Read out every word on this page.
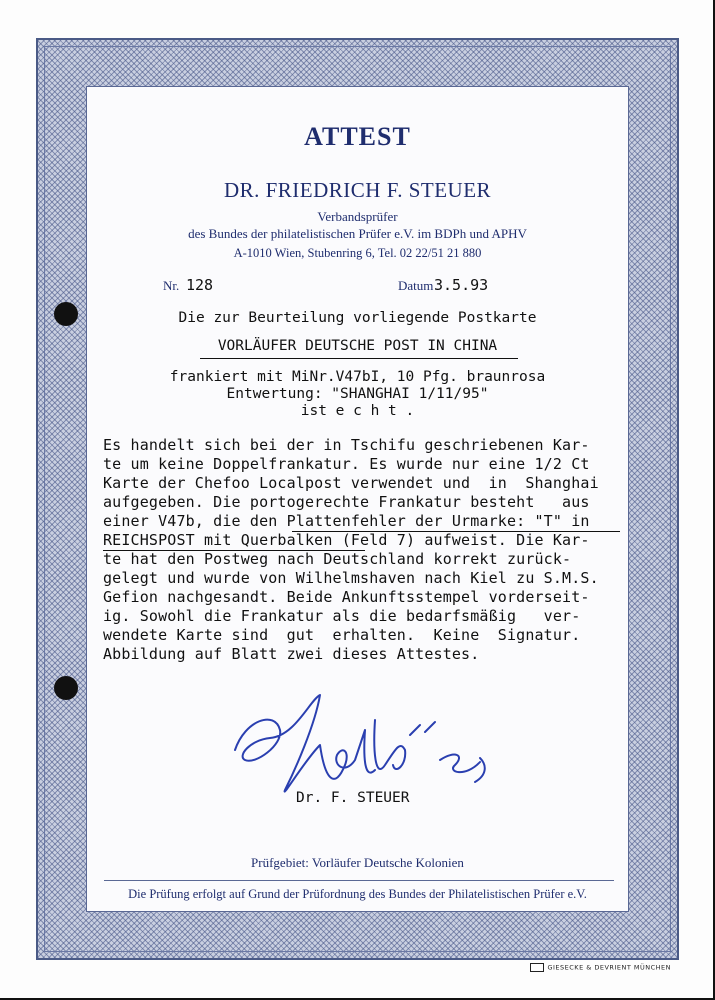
ATTEST
DR. FRIEDRICH F. STEUER
Verbandsprüfer
des Bundes der philatelistischen Prüfer e.V. im BDPh und APHV
A-1010 Wien, Stubenring 6, Tel. 02 22/51 21 880
Nr. 128	Datum 3.5.93
Die zur Beurteilung vorliegende Postkarte
VORLÄUFER DEUTSCHE POST IN CHINA
frankiert mit MiNr.V47bI, 10 Pfg. braunrosa
Entwertung: "SHANGHAI 1/11/95"
ist e c h t .
Es handelt sich bei der in Tschifu geschriebenen Kar-
te um keine Doppelfrankatur. Es wurde nur eine 1/2 Ct
Karte der Chefoo Localpost verwendet und  in  Shanghai
aufgegeben. Die portogerechte Frankatur besteht   aus
einer V47b, die den Plattenfehler der Urmarke: "T" in
REICHSPOST mit Querbalken (Feld 7) aufweist. Die Kar-
te hat den Postweg nach Deutschland korrekt zurück-
gelegt und wurde von Wilhelmshaven nach Kiel zu S.M.S.
Gefion nachgesandt. Beide Ankunftsstempel vorderseit-
ig. Sowohl die Frankatur als die bedarfsmäßig   ver-
wendete Karte sind  gut  erhalten.  Keine  Signatur.
Abbildung auf Blatt zwei dieses Attestes.
Dr. F. STEUER
Prüfgebiet: Vorläufer Deutsche Kolonien
Die Prüfung erfolgt auf Grund der Prüfordnung des Bundes der Philatelistischen Prüfer e.V.
GIESECKE & DEVRIENT MÜNCHEN
